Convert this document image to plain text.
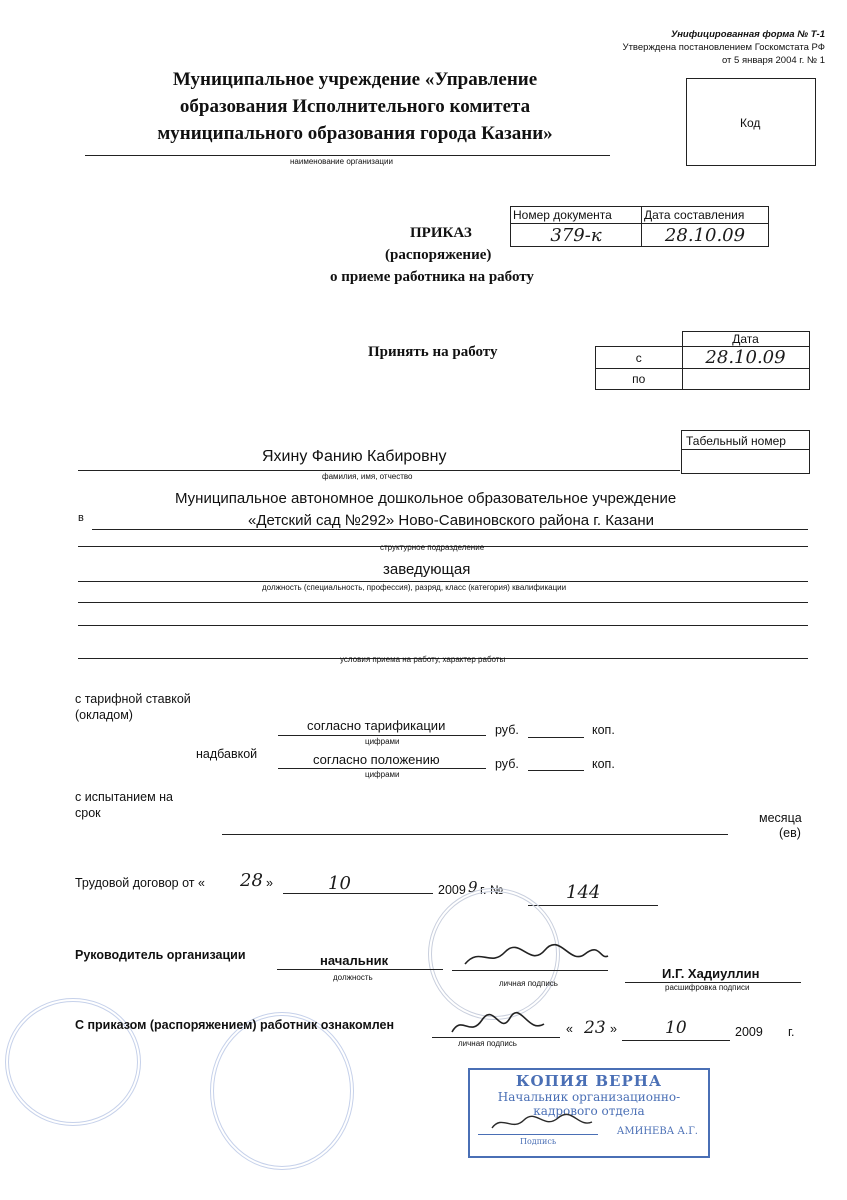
Унифицированная форма № Т-1
Утверждена постановлением Госкомстата РФ
от 5 января 2004 г. № 1
Муниципальное учреждение «Управление
образования Исполнительного комитета
муниципального образования города Казани»
наименование организации
Код
ПРИКАЗ
(распоряжение)
о приеме работника на работу
Номер документа	Дата составления
379-к	28.10.09
Принять на работу
	Дата
с	28.10.09
по	
Табельный номер
Яхину Фанию Кабировну
фамилия, имя, отчество
Муниципальное автономное дошкольное образовательное учреждение
в	«Детский сад №292» Ново-Савиновского района г. Казани
структурное подразделение
заведующая
должность (специальность, профессия), разряд, класс (категория) квалификации
условия приема на работу, характер работы
с тарифной ставкой
(окладом)
согласно тарификации	руб.	коп.
цифрами
надбавкой	согласно положению	руб.	коп.
цифрами
с испытанием на
срок	месяца
(ев)
Трудовой договор от « 28 »	10	2009 9 г. №	144
Руководитель организации	начальник
должность
личная подпись
И.Г. Хадиуллин
расшифровка подписи
С приказом (распоряжением) работник ознакомлен
личная подпись
« 23 »	10	2009 г.
КОПИЯ ВЕРНА
Начальник организационно-
кадрового отдела
АМИНЕВА А.Г.
Подпись
